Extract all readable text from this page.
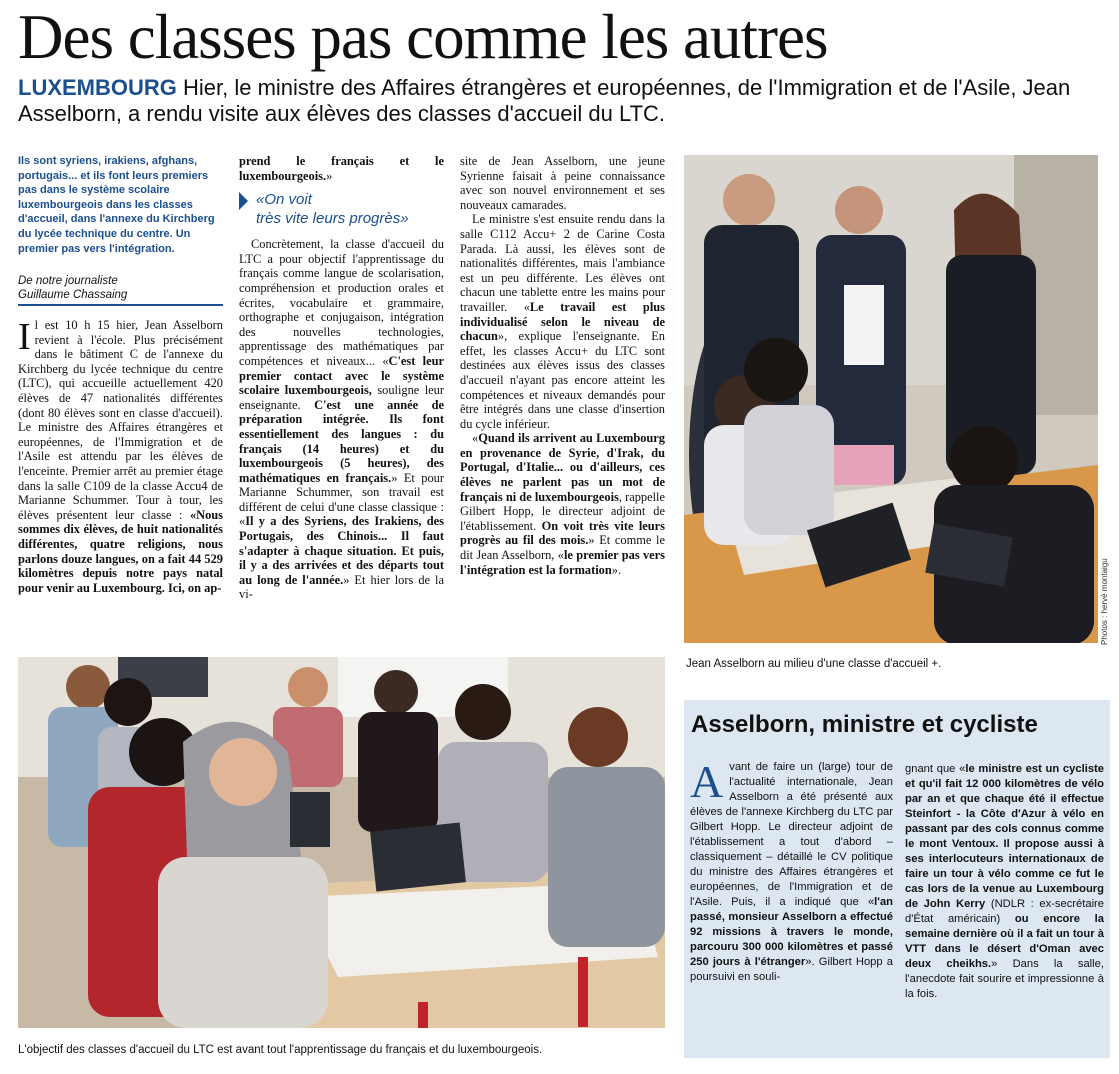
Des classes pas comme les autres
LUXEMBOURG Hier, le ministre des Affaires étrangères et européennes, de l'Immigration et de l'Asile, Jean Asselborn, a rendu visite aux élèves des classes d'accueil du LTC.
Ils sont syriens, irakiens, afghans, portugais... et ils font leurs premiers pas dans le système scolaire luxembourgeois dans les classes d'accueil, dans l'annexe du Kirchberg du lycée technique du centre. Un premier pas vers l'intégration.
De notre journaliste
Guillaume Chassaing

Il est 10 h 15 hier, Jean Asselborn revient à l'école. Plus précisément dans le bâtiment C de l'annexe du Kirchberg du lycée technique du centre (LTC), qui accueille actuellement 420 élèves de 47 nationalités différentes (dont 80 élèves sont en classe d'accueil). Le ministre des Affaires étrangères et européennes, de l'Immigration et de l'Asile est attendu par les élèves de l'enceinte. Premier arrêt au premier étage dans la salle C109 de la classe Accu4 de Marianne Schummer. Tour à tour, les élèves présentent leur classe : «Nous sommes dix élèves, de huit nationalités différentes, quatre religions, nous parlons douze langues, on a fait 44 529 kilomètres depuis notre pays natal pour venir au Luxembourg. Ici, on ap-

prend le français et le luxembourgeois.»

«On voit
très vite leurs progrès»

Concrètement, la classe d'accueil du LTC a pour objectif l'apprentissage du français comme langue de scolarisation, compréhension et production orales et écrites, vocabulaire et grammaire, orthographe et conjugaison, intégration des nouvelles technologies, apprentissage des mathématiques par compétences et niveaux... «C'est leur premier contact avec le système scolaire luxembourgeois, souligne leur enseignante. C'est une année de préparation intégrée. Ils font essentiellement des langues : du français (14 heures) et du luxembourgeois (5 heures), des mathématiques en français.» Et pour Marianne Schummer, son travail est différent de celui d'une classe classique : «Il y a des Syriens, des Irakiens, des Portugais, des Chinois... Il faut s'adapter à chaque situation. Et puis, il y a des arrivées et des départs tout au long de l'année.» Et hier lors de la vi-

site de Jean Asselborn, une jeune Syrienne faisait à peine connaissance avec son nouvel environnement et ses nouveaux camarades.

Le ministre s'est ensuite rendu dans la salle C112 Accu+ 2 de Carine Costa Parada. Là aussi, les élèves sont de nationalités différentes, mais l'ambiance est un peu différente. Les élèves ont chacun une tablette entre les mains pour travailler. «Le travail est plus individualisé selon le niveau de chacun», explique l'enseignante. En effet, les classes Accu+ du LTC sont destinées aux élèves issus des classes d'accueil n'ayant pas encore atteint les compétences et niveaux demandés pour être intégrés dans une classe d'insertion du cycle inférieur.

«Quand ils arrivent au Luxembourg en provenance de Syrie, d'Irak, du Portugal, d'Italie... ou d'ailleurs, ces élèves ne parlent pas un mot de français ni de luxembourgeois, rappelle Gilbert Hopp, le directeur adjoint de l'établissement. On voit très vite leurs progrès au fil des mois.» Et comme le dit Jean Asselborn, «le premier pas vers l'intégration est la formation».	Photos : hervé montaigu
Jean Asselborn au milieu d'une classe d'accueil +.
L'objectif des classes d'accueil du LTC est avant tout l'apprentissage du français et du luxembourgeois.
Asselborn, ministre et cycliste
Avant de faire un (large) tour de l'actualité internationale, Jean Asselborn a été présenté aux élèves de l'annexe Kirchberg du LTC par Gilbert Hopp. Le directeur adjoint de l'établissement a tout d'abord – classiquement – détaillé le CV politique du ministre des Affaires étrangères et européennes, de l'Immigration et de l'Asile. Puis, il a indiqué que «l'an passé, monsieur Asselborn a effectué 92 missions à travers le monde, parcouru 300 000 kilomètres et passé 250 jours à l'étranger». Gilbert Hopp a poursuivi en souli-
gnant que «le ministre est un cycliste et qu'il fait 12 000 kilomètres de vélo par an et que chaque été il effectue Steinfort - la Côte d'Azur à vélo en passant par des cols connus comme le mont Ventoux. Il propose aussi à ses interlocuteurs internationaux de faire un tour à vélo comme ce fut le cas lors de la venue au Luxembourg de John Kerry (NDLR : ex-secrétaire d'État américain) ou encore la semaine dernière où il a fait un tour à VTT dans le désert d'Oman avec deux cheikhs.» Dans la salle, l'anecdote fait sourire et impressionne à la fois.
